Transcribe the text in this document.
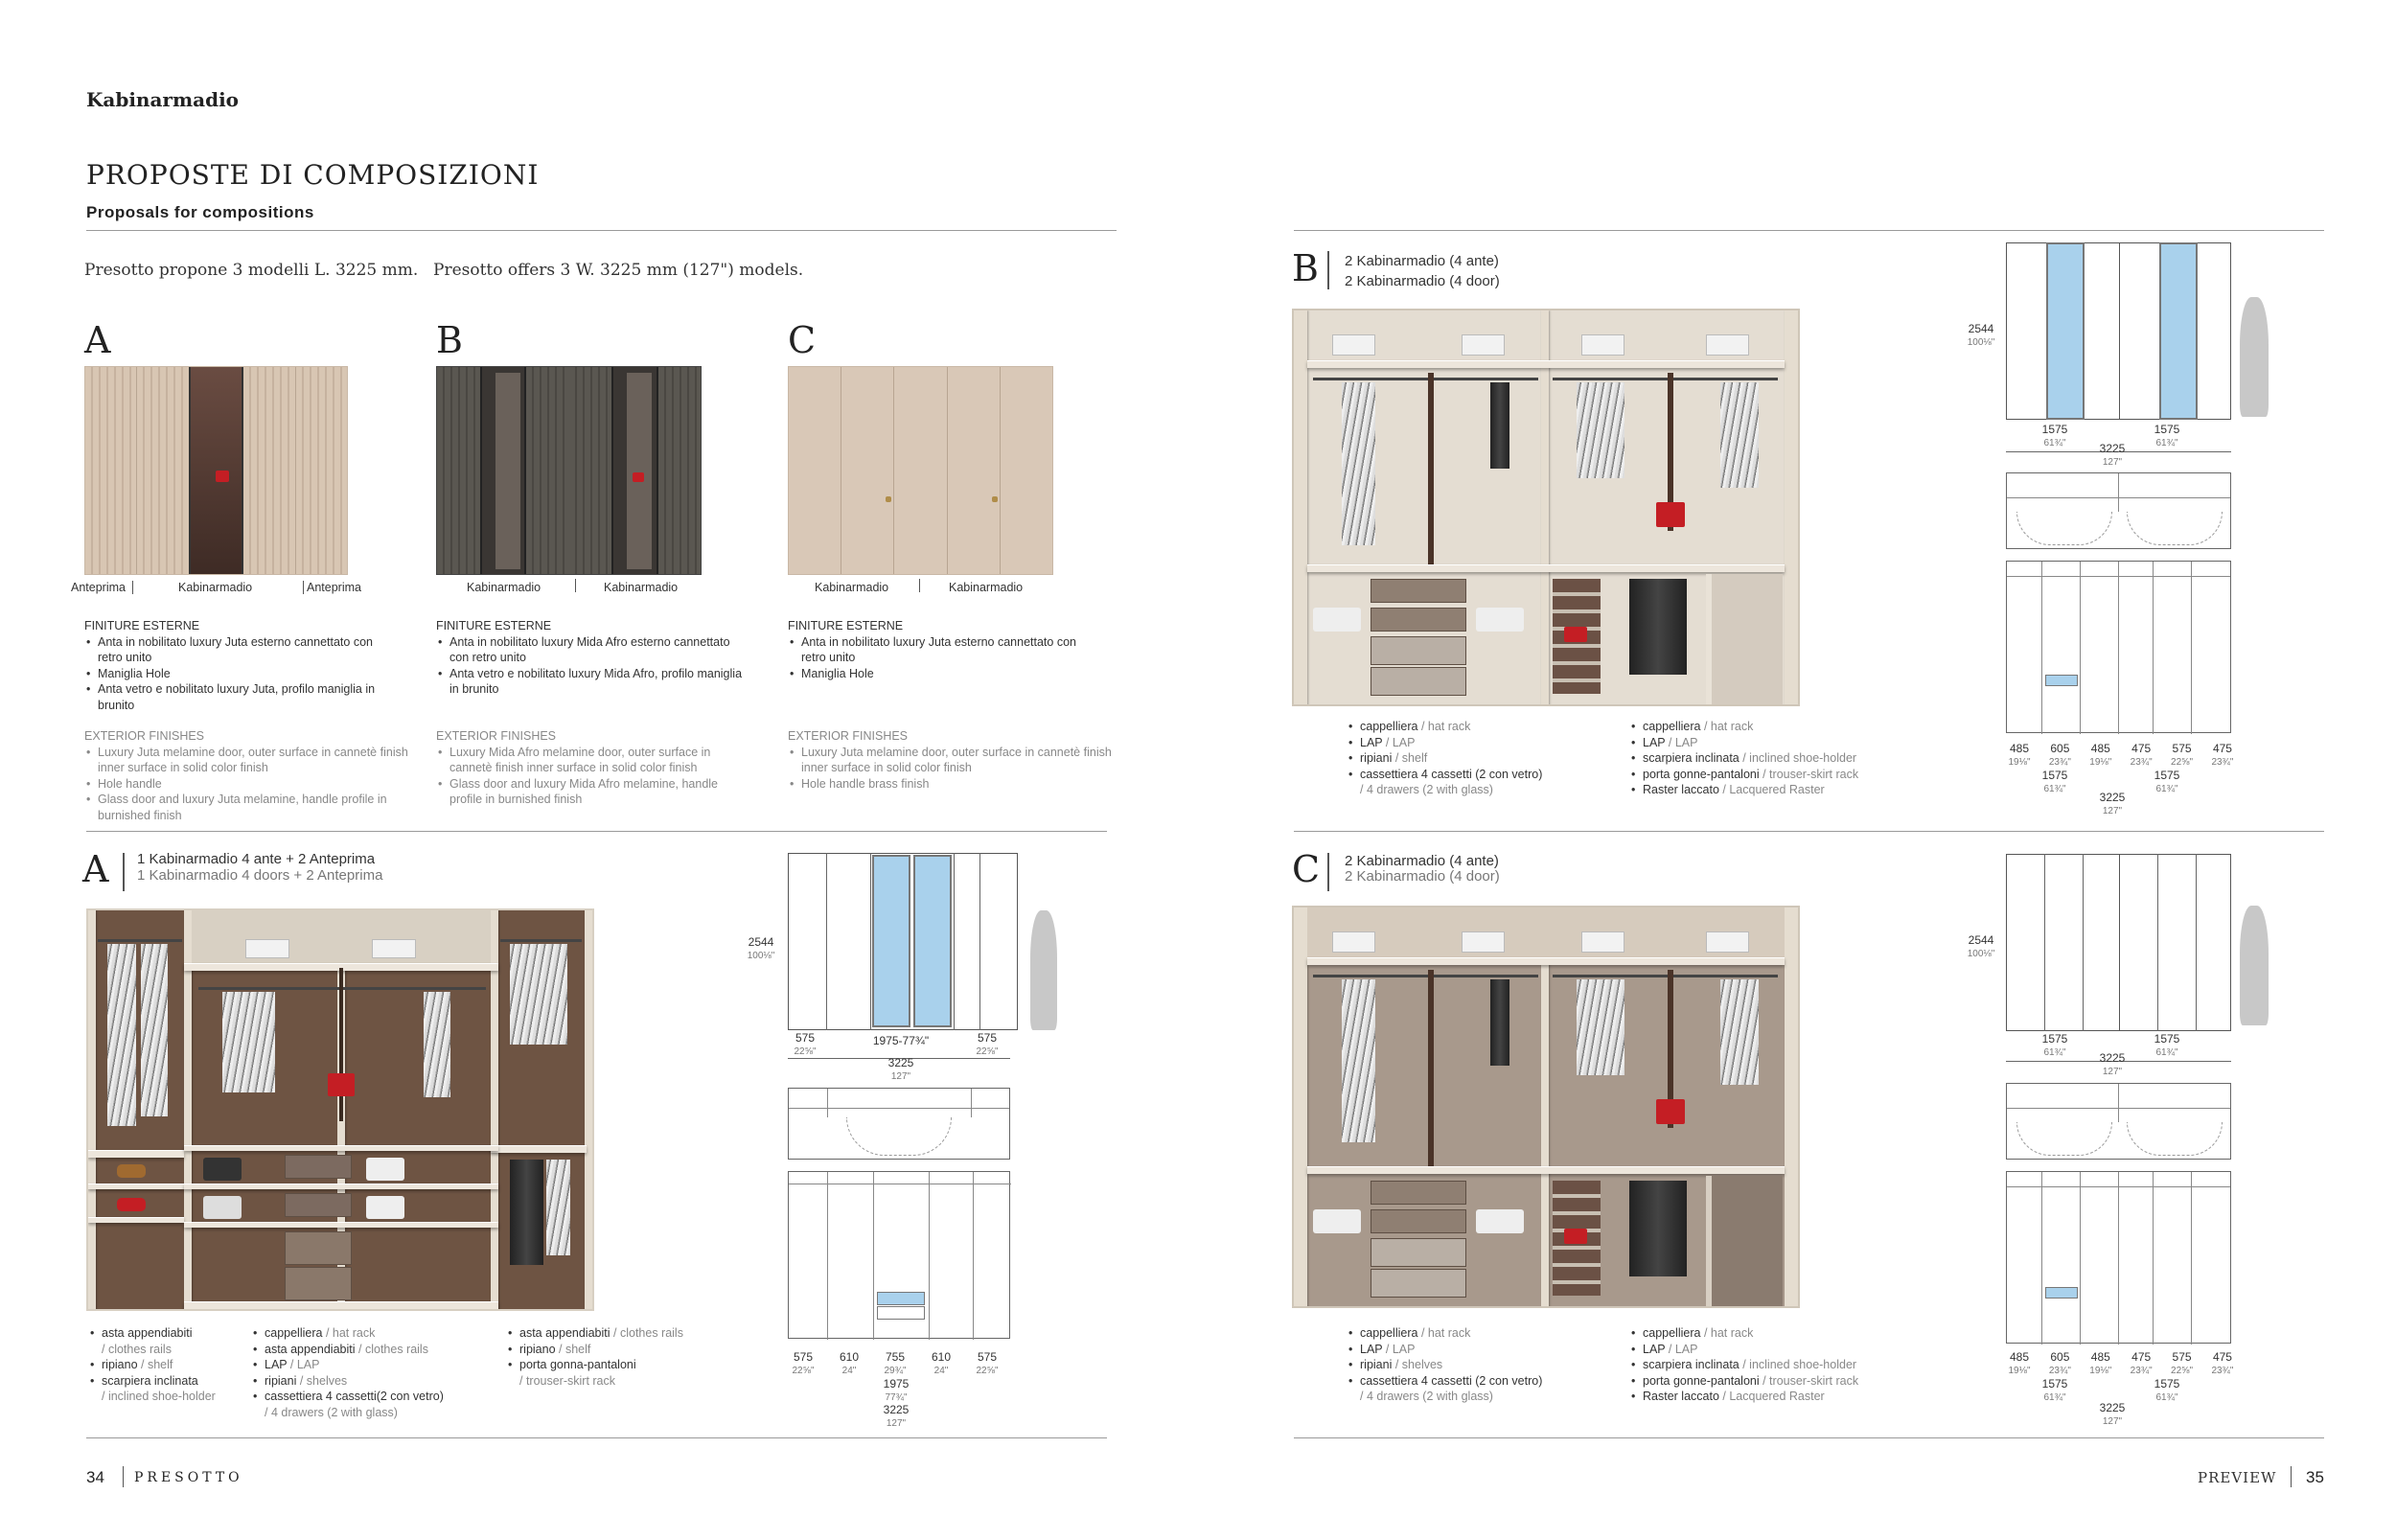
Kabinarmadio
PROPOSTE DI COMPOSIZIONI
Proposals for compositions
Presotto propone 3 modelli L. 3225 mm. Presotto offers 3 W. 3225 mm (127") models.
A
Anteprima	Kabinarmadio	Anteprima
FINITURE ESTERNE
• Anta in nobilitato luxury Juta esterno cannettato con retro unito
• Maniglia Hole
• Anta vetro e nobilitato luxury Juta, profilo maniglia in brunito
EXTERIOR FINISHES
• Luxury Juta melamine door, outer surface in cannetè finish inner surface in solid color finish
• Hole handle
• Glass door and luxury Juta melamine, handle profile in burnished finish
B
Kabinarmadio	Kabinarmadio
FINITURE ESTERNE
• Anta in nobilitato luxury Mida Afro esterno cannettato con retro unito
• Anta vetro e nobilitato luxury Mida Afro, profilo maniglia in brunito
EXTERIOR FINISHES
• Luxury Mida Afro melamine door, outer surface in cannetè finish inner surface in solid color finish
• Glass door and luxury Mida Afro melamine, handle profile in burnished finish
C
Kabinarmadio	Kabinarmadio
FINITURE ESTERNE
• Anta in nobilitato luxury Juta esterno cannettato con retro unito
• Maniglia Hole
EXTERIOR FINISHES
• Luxury Juta melamine door, outer surface in cannetè finish inner surface in solid color finish
• Hole handle brass finish
A 1 Kabinarmadio 4 ante + 2 Anteprima
1 Kabinarmadio 4 doors + 2 Anteprima
2544
100⅛"
575
22⅝"
1975-77¾"	575
22⅝"
3225
127"
575
22⅝"
610
24"
755
29¾"
610
24"
575
22⅝"
1975
77¾"
3225
127"
• asta appendiabiti
/ clothes rails
• ripiano / shelf
• scarpiera inclinata
/ inclined shoe-holder
• cappelliera / hat rack
• asta appendiabiti / clothes rails
• LAP / LAP
• ripiani / shelves
• cassettiera 4 cassetti(2 con vetro)
/ 4 drawers (2 with glass)
• asta appendiabiti / clothes rails
• ripiano / shelf
• porta gonna-pantaloni
/ trouser-skirt rack
34 PRESOTTO	PREVIEW 35
B 2 Kabinarmadio (4 ante)
2 Kabinarmadio (4 door)
2544
100⅛"
1575
61¾"
1575
61¾"
3225
127"
485
19⅛"
605
23¾"
485
19⅛"
475
23¾"
575
22⅝"
475
23¾"
1575
61¾"
1575
61¾"
3225
127"
• cappelliera / hat rack
• LAP / LAP
• ripiani / shelf
• cassettiera 4 cassetti (2 con vetro)
/ 4 drawers (2 with glass)
• cappelliera / hat rack
• LAP / LAP
• scarpiera inclinata / inclined shoe-holder
• porta gonne-pantaloni / trouser-skirt rack
• Raster laccato / Lacquered Raster
C 2 Kabinarmadio (4 ante)
2 Kabinarmadio (4 door)
2544
100⅛"
1575
61¾"
1575
61¾"
3225
127"
485
19⅛"
605
23¾"
485
19⅛"
475
23¾"
575
22⅝"
475
23¾"
1575
61¾"
1575
61¾"
3225
127"
• cappelliera / hat rack
• LAP / LAP
• ripiani / shelves
• cassettiera 4 cassetti (2 con vetro)
/ 4 drawers (2 with glass)
• cappelliera / hat rack
• LAP / LAP
• scarpiera inclinata / inclined shoe-holder
• porta gonne-pantaloni / trouser-skirt rack
• Raster laccato / Lacquered Raster
